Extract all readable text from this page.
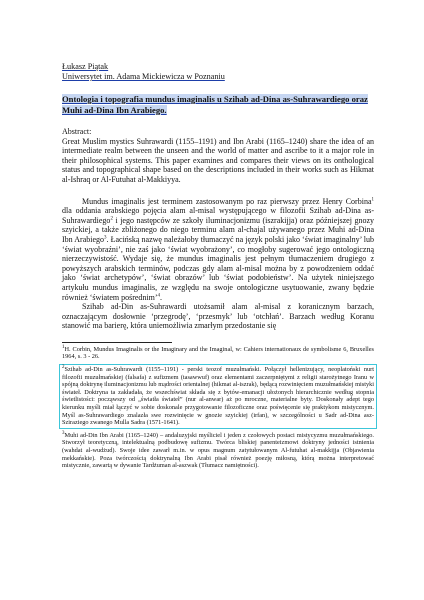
Łukasz Piątak
Uniwersytet im. Adama Mickiewicza w Poznaniu
Ontologia i topografia mundus imaginalis u Szihab ad-Dina as-Suhrawardiego oraz Muhi ad-Dina Ibn Arabiego.
Abstract:
Great Muslim mystics Suhrawardi (1155–1191) and Ibn Arabi (1165–1240) share the idea of an intermediate realm between the unseen and the world of matter and ascribe to it a major role in their philosophical systems. This paper examines and compares their views on its onthological status and topographical shape based on the descriptions included in their works such as Hikmat al-Ishraq or Al-Futuhat al-Makkiyya.

Mundus imaginalis jest terminem zastosowanym po raz pierwszy przez Henry Corbina$^1$ dla oddania arabskiego pojęcia alam al-misal występującego w filozofii Szihab ad-Dina as-Suhrawardiego$^2$ i jego następców ze szkoły iluminacjonizmu (iszrakijja) oraz późniejszej gnozy szyickiej, a także zbliżonego do niego terminu alam al-chajal używanego przez Muhi ad-Dina Ibn Arabiego$^3$. Łacińską nazwę należałoby tłumaczyć na język polski jako ‘świat imaginalny’ lub ‘świat wyobraźni’, nie zaś jako ‘świat wyobrażony’, co mogłoby sugerować jego ontologiczną nierzeczywistość. Wydaje się, że mundus imaginalis jest pełnym tłumaczeniem drugiego z powyższych arabskich terminów, podczas gdy alam al-misal można by z powodzeniem oddać jako ‘świat archetypów’, ‘świat obrazów’ lub ‘świat podobieństw’. Na użytek niniejszego artykułu mundus imaginalis, ze względu na swoje ontologiczne usytuowanie, zwany będzie również ‘światem pośrednim’$^4$.

Szihab ad-Din as-Suhrawardi utożsamił alam al-misal z koranicznym barzach, oznaczającym dosłownie ‘przegrodę’, ‘przesmyk’ lub ‘otchłań’. Barzach według Koranu stanowić ma barierę, która uniemożliwia zmarłym przedostanie się

$^1$H. Corbin, Mundus Imaginalis or the Imaginary and the Imaginal, w: Cahiers internationaux de symbolisme 6, Bruxelles 1964, s. 3 - 26.
$^2$Szihab ad-Din as-Suhrawardi (1155–1191) - perski teozof muzułmański. Połączył hellenizujący, neoplatoński nurt filozofii muzułmańskiej (falsafa) z sufizmem (tasawwuf) oraz elementami zaczerpniętymi z religii starożytnego Iranu w spójną doktrynę iluminacjonizmu lub mądrości orientalnej (hikmat al-iszrak), będącą rozwinięciem muzułmańskiej mistyki świateł. Doktryna ta zakładała, że wszechświat składa się z bytów-emanacji ułożonych hierarchicznie według stopnia świetlistości: począwszy od „światła świateł” (nur al-anwar) aż po mroczne, materialne byty. Doskonały adept tego kierunku myśli miał łączyć w sobie doskonale przygotowanie filozoficzne oraz poświęcenie się praktykom mistycznym. Myśl as-Suhrawardiego znalazła swe rozwinięcie w gnozie szyickiej (irfan), w szczególności u Sadr ad-Dina asz-Sziraziego zwanego Mulla Sadra (1571-1641).
$^3$Muhi ad-Din Ibn Arabi (1165–1240) – andaluzyjski myśliciel i jeden z czołowych postaci mistycyzmu muzułmańskiego. Stworzył teoretyczną, intelektualną podbudowę sufizmu. Twórca bliskiej panenteizmowi doktryny jedności istnienia (wahdat al-wudżud). Swoje idee zawarł m.in. w opus magnum zatytułowanym Al-futuhat al-makkijja (Objawienia mekkańskie). Poza twórczością doktrynalną Ibn Arabi pisał również poezję miłosną, którą można interpretować mistycznie, zawartą w dywanie Tardżuman al-aszwak (Tłumacz namiętności).
